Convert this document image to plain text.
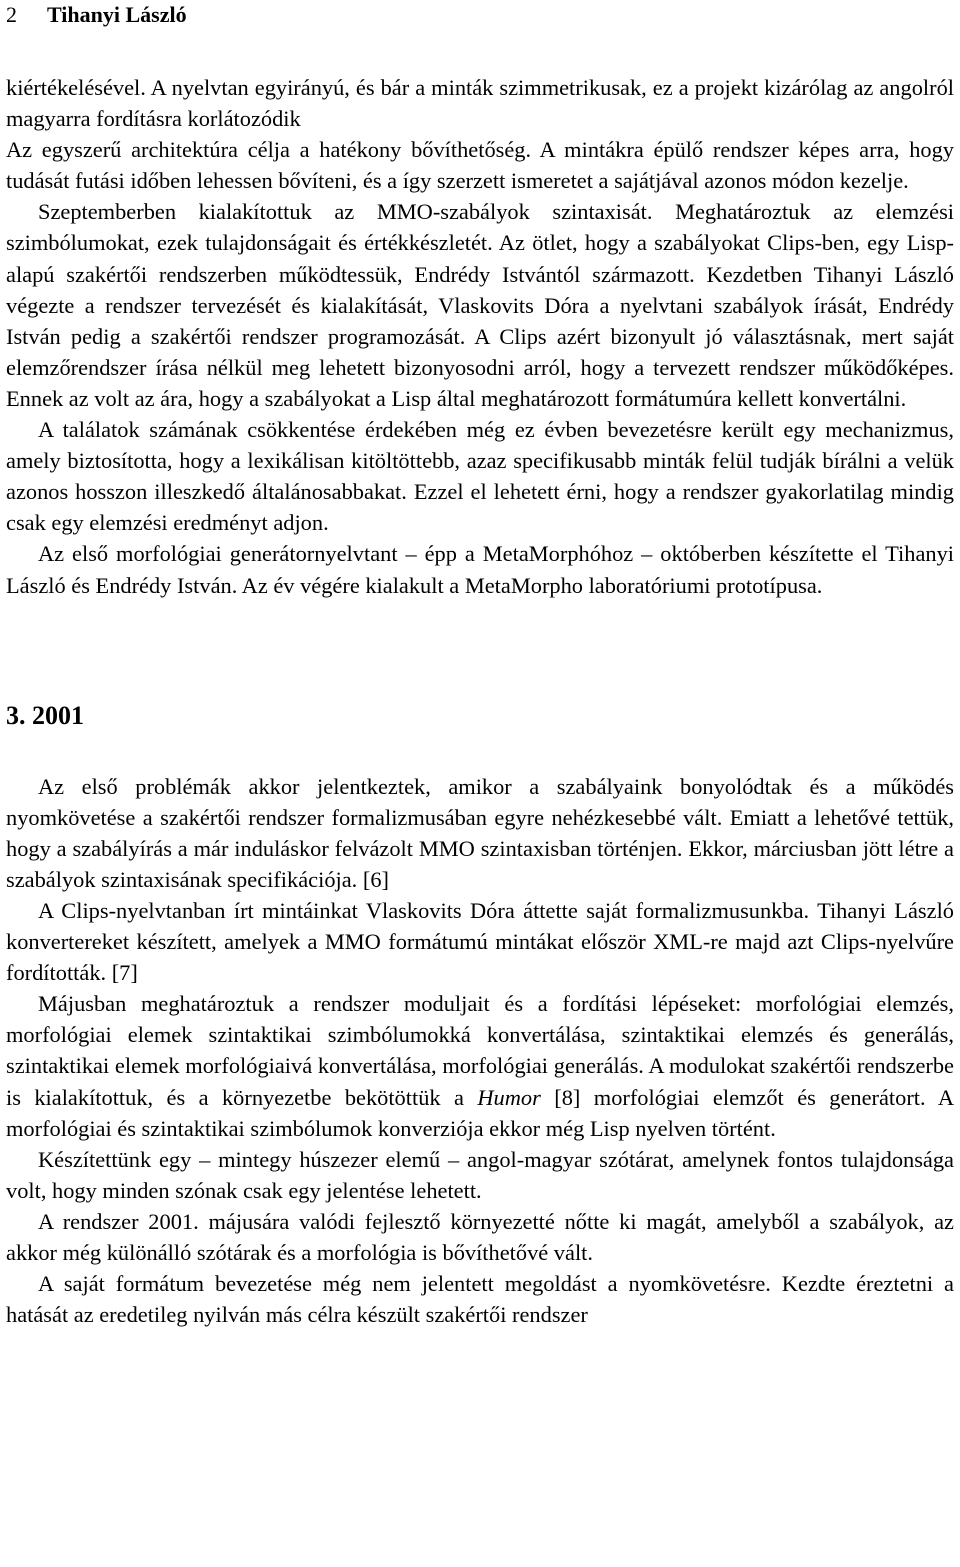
2 Tihanyi László

kiértékelésével. A nyelvtan egyirányú, és bár a minták szimmetrikusak, ez a projekt kizárólag az angolról magyarra fordításra korlátozódik

Az egyszerű architektúra célja a hatékony bővíthetőség. A mintákra épülő rendszer képes arra, hogy tudását futási időben lehessen bővíteni, és a így szerzett ismeretet a sajátjával azonos módon kezelje.

Szeptemberben kialakítottuk az MMO-szabályok szintaxisát. Meghatároztuk az elemzési szimbólumokat, ezek tulajdonságait és értékkészletét. Az ötlet, hogy a szabályokat Clips-ben, egy Lisp-alapú szakértői rendszerben működtessük, Endrédy Istvántól származott. Kezdetben Tihanyi László végezte a rendszer tervezését és kialakítását, Vlaskovits Dóra a nyelvtani szabályok írását, Endrédy István pedig a szakértői rendszer programozását. A Clips azért bizonyult jó választásnak, mert saját elemzőrendszer írása nélkül meg lehetett bizonyosodni arról, hogy a tervezett rendszer működőképes. Ennek az volt az ára, hogy a szabályokat a Lisp által meghatározott formátumúra kellett konvertálni.

A találatok számának csökkentése érdekében még ez évben bevezetésre került egy mechanizmus, amely biztosította, hogy a lexikálisan kitöltöttebb, azaz specifikusabb minták felül tudják bírálni a velük azonos hosszon illeszkedő általánosabbakat. Ezzel el lehetett érni, hogy a rendszer gyakorlatilag mindig csak egy elemzési eredményt adjon.

Az első morfológiai generátornyelvtant – épp a MetaMorphóhoz – októberben készítette el Tihanyi László és Endrédy István. Az év végére kialakult a MetaMorpho laboratóriumi prototípusa.

3. 2001

Az első problémák akkor jelentkeztek, amikor a szabályaink bonyolódtak és a működés nyomkövetése a szakértői rendszer formalizmusában egyre nehézkesebbé vált. Emiatt a lehetővé tettük, hogy a szabályírás a már induláskor felvázolt MMO szintaxisban történjen. Ekkor, márciusban jött létre a szabályok szintaxisának specifikációja. [6]

A Clips-nyelvtanban írt mintáinkat Vlaskovits Dóra áttette saját formalizmusunkba. Tihanyi László konvertereket készített, amelyek a MMO formátumú mintákat először XML-re majd azt Clips-nyelvűre fordították. [7]

Májusban meghatároztuk a rendszer moduljait és a fordítási lépéseket: morfológiai elemzés, morfológiai elemek szintaktikai szimbólumokká konvertálása, szintaktikai elemzés és generálás, szintaktikai elemek morfológiaivá konvertálása, morfológiai generálás. A modulokat szakértői rendszerbe is kialakítottuk, és a környezetbe bekötöttük a Humor [8] morfológiai elemzőt és generátort. A morfológiai és szintaktikai szimbólumok konverziója ekkor még Lisp nyelven történt.

Készítettünk egy – mintegy húszezer elemű – angol-magyar szótárat, amelynek fontos tulajdonsága volt, hogy minden szónak csak egy jelentése lehetett.

A rendszer 2001. májusára valódi fejlesztő környezetté nőtte ki magát, amelyből a szabályok, az akkor még különálló szótárak és a morfológia is bővíthetővé vált.

A saját formátum bevezetése még nem jelentett megoldást a nyomkövetésre. Kezdte éreztetni a hatását az eredetileg nyilván más célra készült szakértői rendszer
